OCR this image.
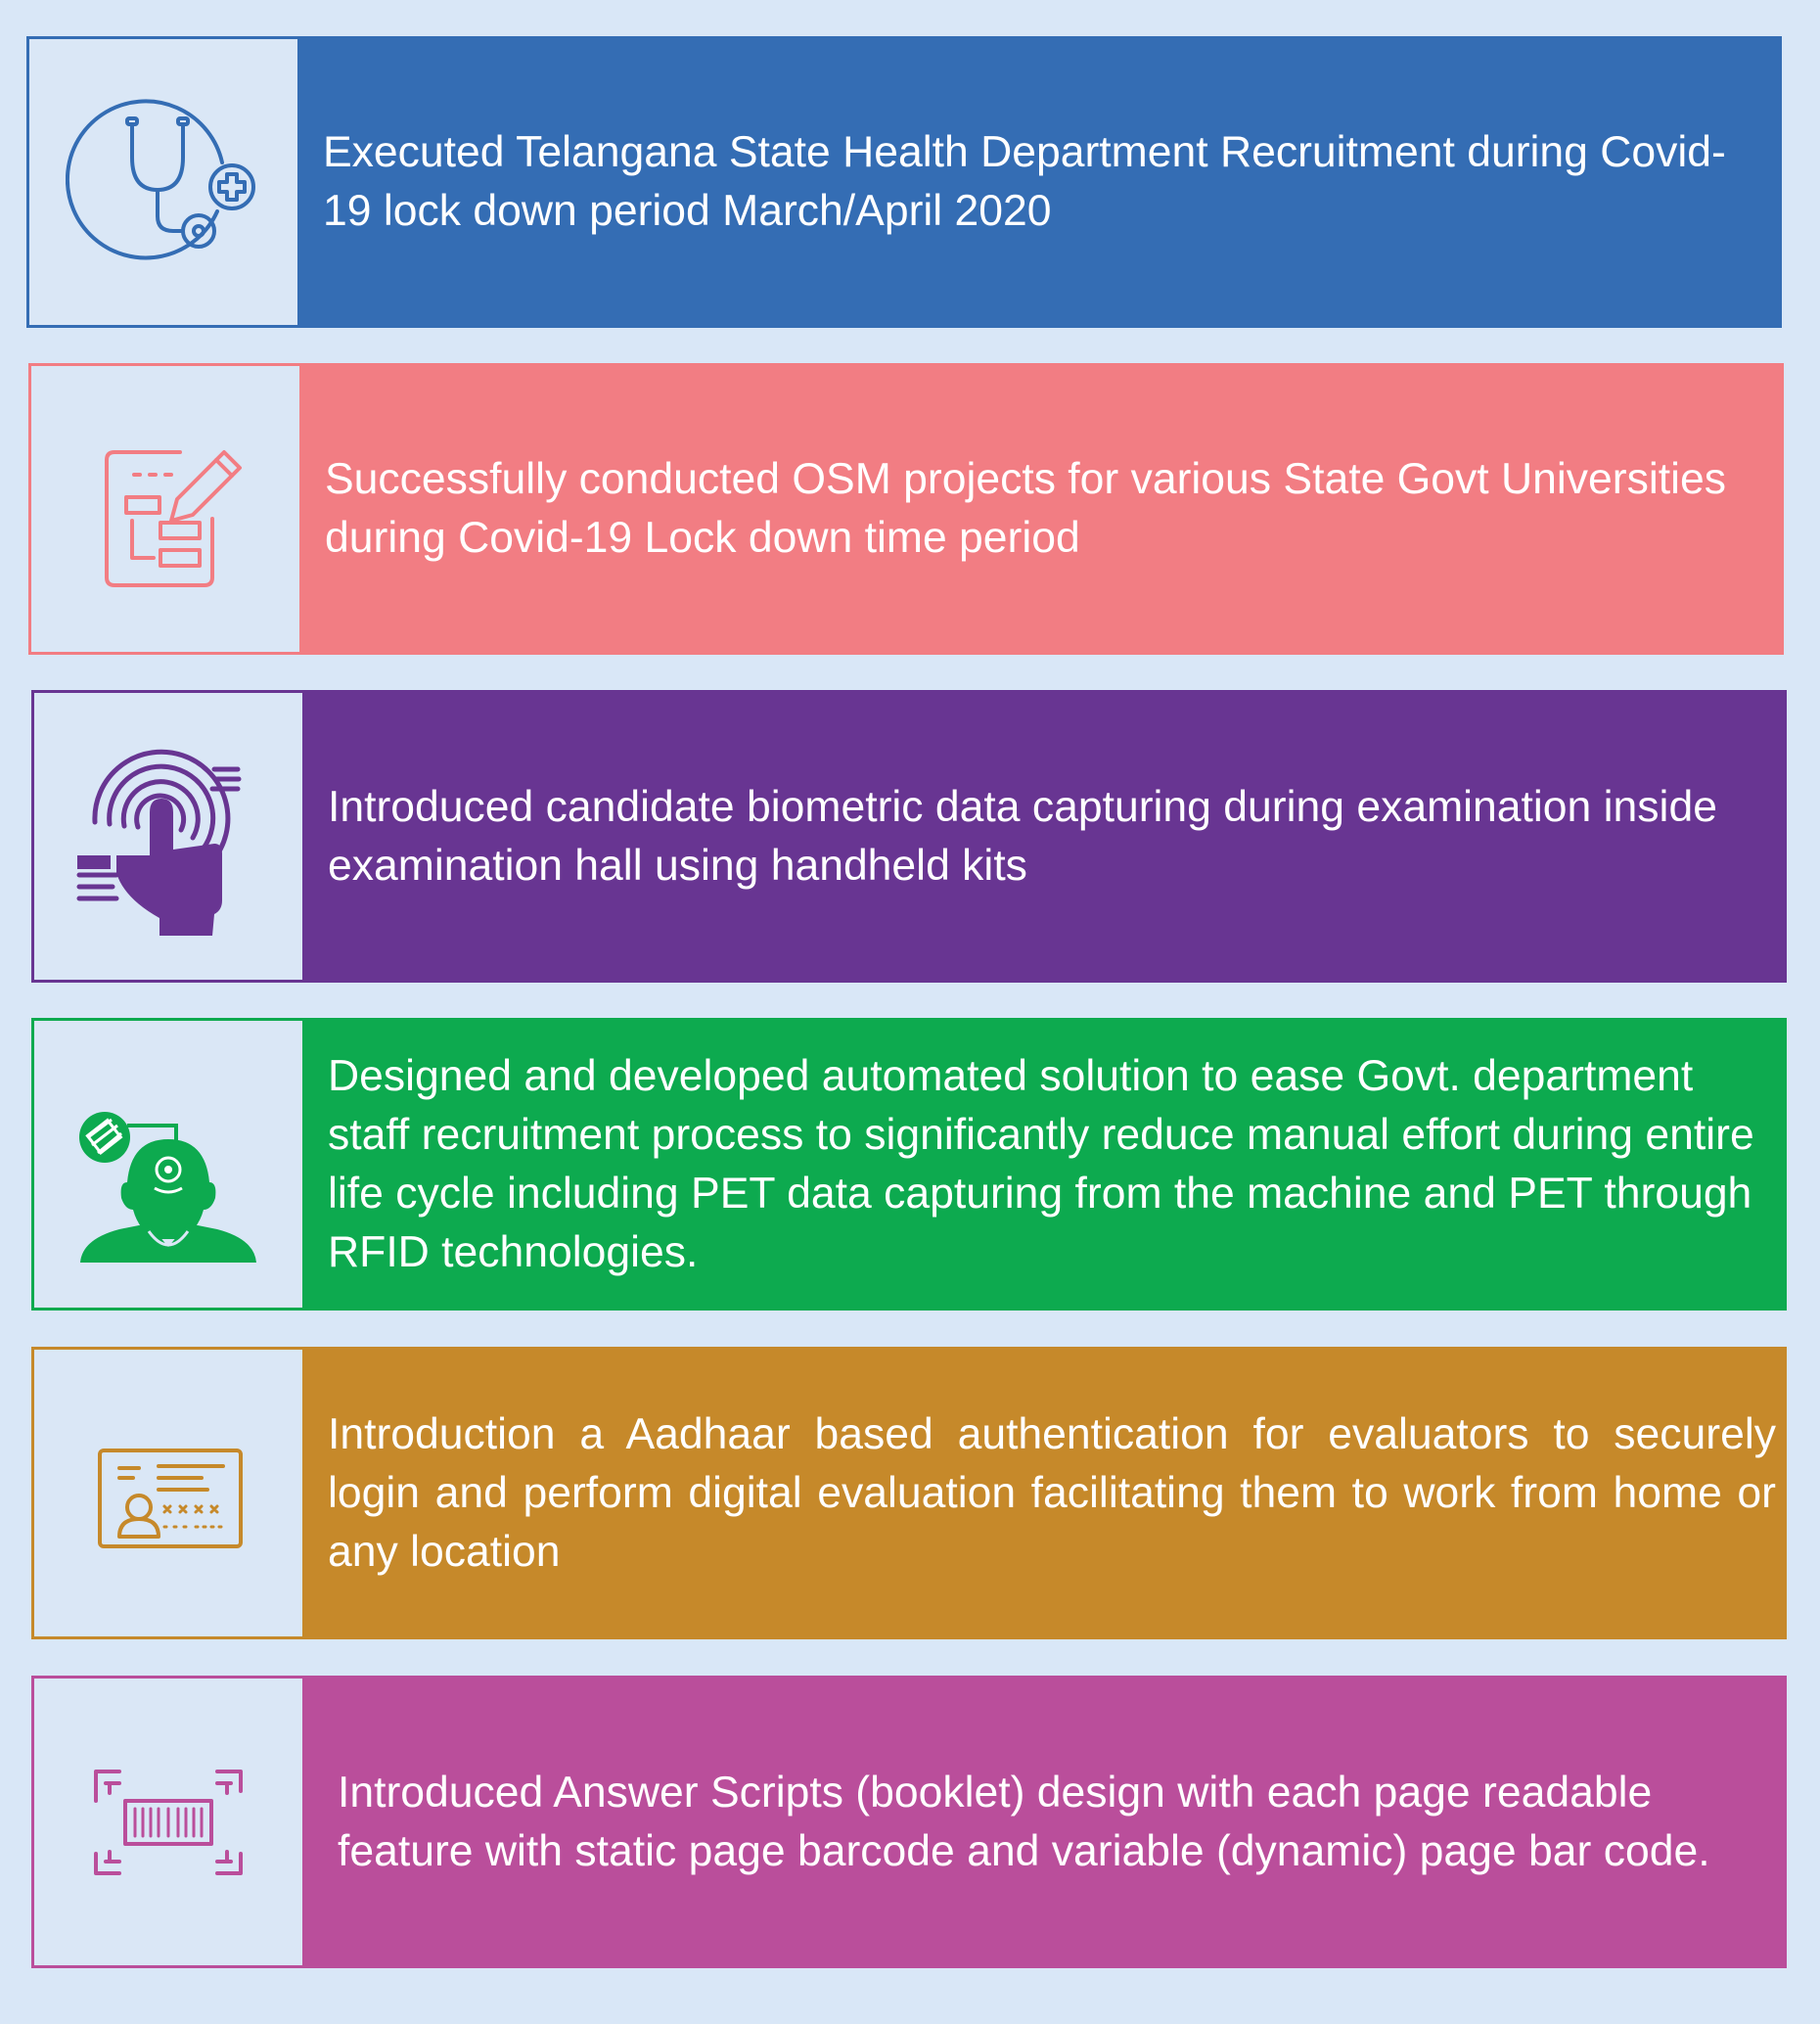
Executed Telangana State Health Department Recruitment during Covid-19 lock down period March/April 2020

Successfully conducted OSM projects for various State Govt Universities during Covid-19 Lock down time period

Introduced candidate biometric data capturing during examination inside examination hall using handheld kits

Designed and developed automated solution to ease Govt. department staff recruitment process to significantly reduce manual effort during entire life cycle including PET data capturing from the machine and PET through RFID technologies.

Introduction a Aadhaar based authentication for evaluators to securely login and perform digital evaluation facilitating them to work from home or any location

Introduced Answer Scripts (booklet) design with each page readable feature with static page barcode and variable (dynamic) page bar code.
